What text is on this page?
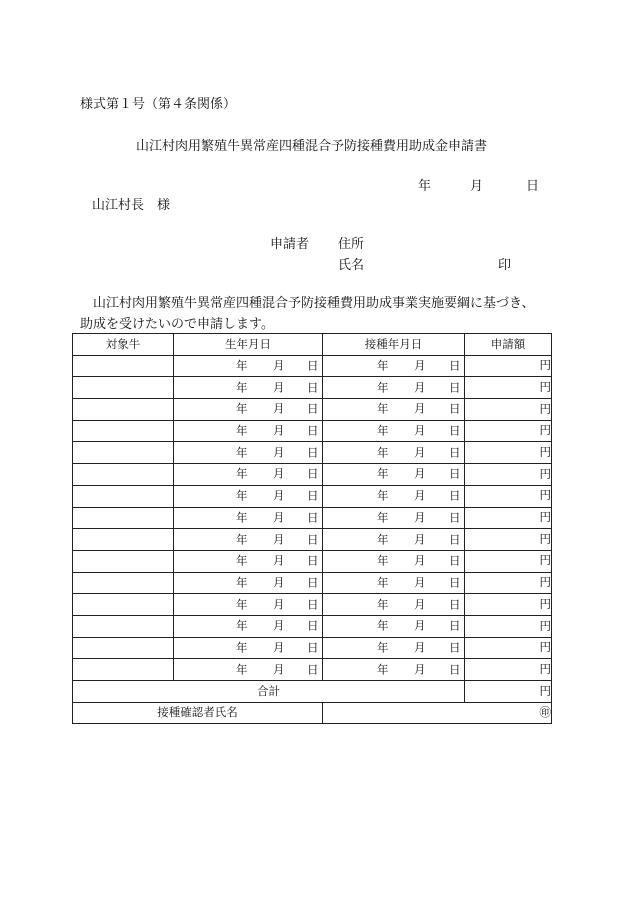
様式第１号（第４条関係）
山江村肉用繁殖牛異常産四種混合予防接種費用助成金申請書
年	月	日
山江村長　様
申請者 住所
氏名	印
山江村肉用繁殖牛異常産四種混合予防接種費用助成事業実施要綱に基づき、
助成を受けたいので申請します。
対象牛	生年月日	接種年月日	申請額

	年 月 日	年 月 日	円

	年 月 日	年 月 日	円

	年 月 日	年 月 日	円

	年 月 日	年 月 日	円

	年 月 日	年 月 日	円

	年 月 日	年 月 日	円

	年 月 日	年 月 日	円

	年 月 日	年 月 日	円

	年 月 日	年 月 日	円

	年 月 日	年 月 日	円

	年 月 日	年 月 日	円

	年 月 日	年 月 日	円

	年 月 日	年 月 日	円

	年 月 日	年 月 日	円

	年 月 日	年 月 日	円
合計			円
接種確認者氏名		㊞	
